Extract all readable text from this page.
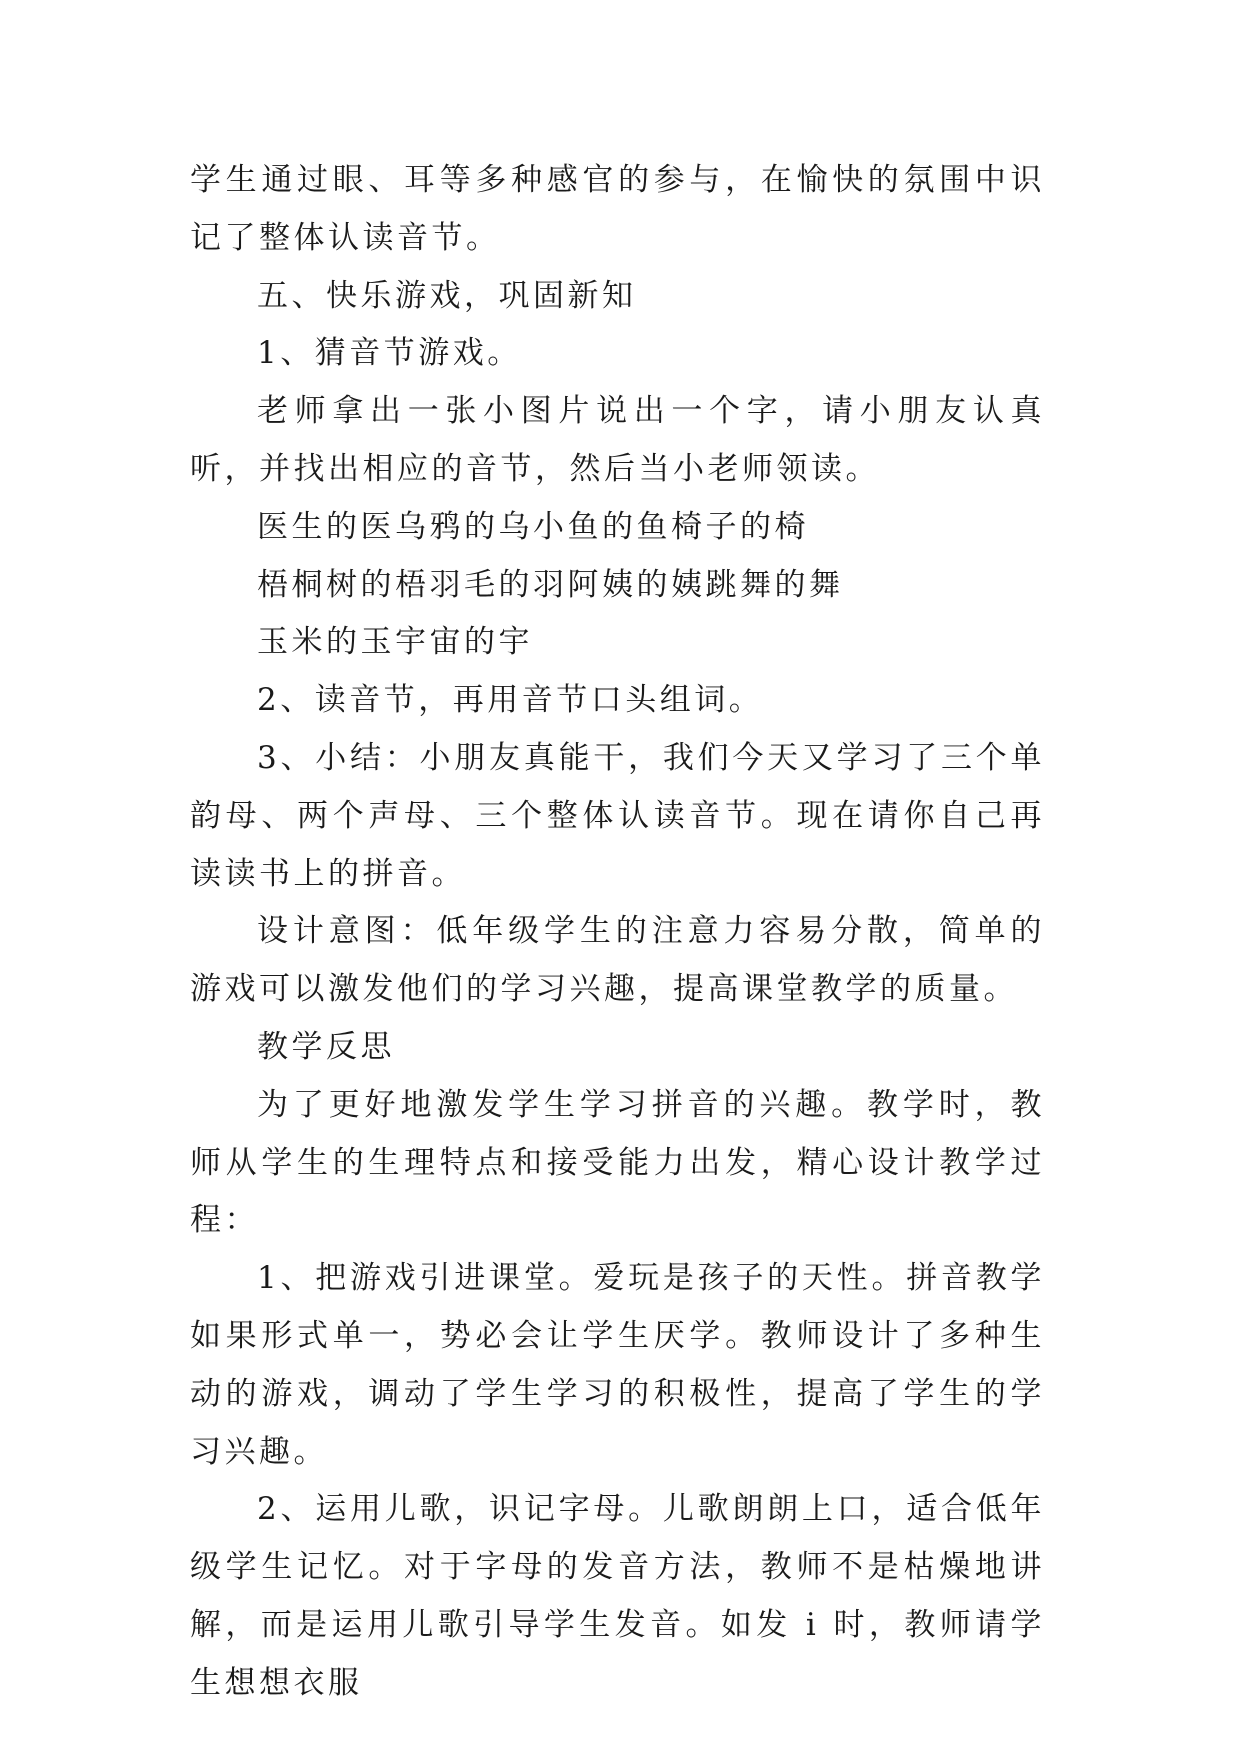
学生通过眼、耳等多种感官的参与，在愉快的氛围中识记了整体认读音节。

五、快乐游戏，巩固新知

1、猜音节游戏。

老师拿出一张小图片说出一个字，请小朋友认真听，并找出相应的音节，然后当小老师领读。

医生的医乌鸦的乌小鱼的鱼椅子的椅

梧桐树的梧羽毛的羽阿姨的姨跳舞的舞

玉米的玉宇宙的宇

2、读音节，再用音节口头组词。

3、小结：小朋友真能干，我们今天又学习了三个单韵母、两个声母、三个整体认读音节。现在请你自己再读读书上的拼音。

设计意图：低年级学生的注意力容易分散，简单的游戏可以激发他们的学习兴趣，提高课堂教学的质量。

教学反思

为了更好地激发学生学习拼音的兴趣。教学时，教师从学生的生理特点和接受能力出发，精心设计教学过程：

1、把游戏引进课堂。爱玩是孩子的天性。拼音教学如果形式单一，势必会让学生厌学。教师设计了多种生动的游戏，调动了学生学习的积极性，提高了学生的学习兴趣。

2、运用儿歌，识记字母。儿歌朗朗上口，适合低年级学生记忆。对于字母的发音方法，教师不是枯燥地讲解，而是运用儿歌引导学生发音。如发 i 时，教师请学生想想衣服
